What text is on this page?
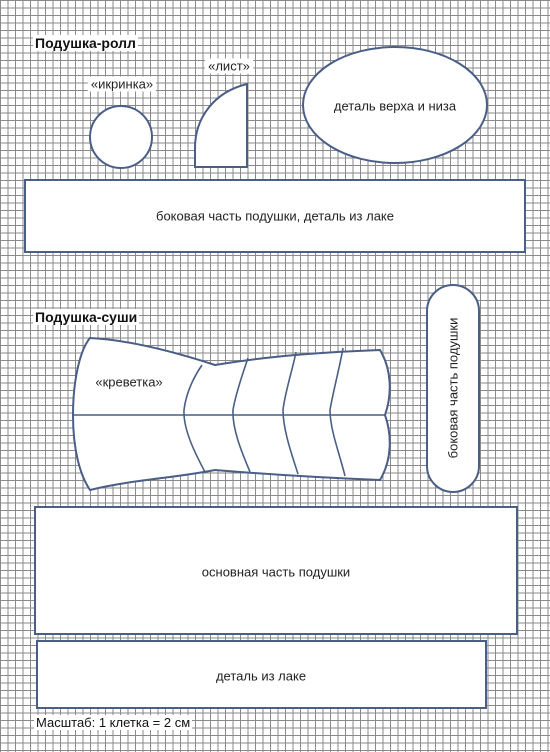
Подушка-ролл
Подушка-суши
«икринка»
«лист»
деталь верха и низа
боковая часть подушки, деталь из лаке
«креветка»	боковая часть подушки
основная часть подушки
деталь из лаке
Масштаб: 1 клетка = 2 см
